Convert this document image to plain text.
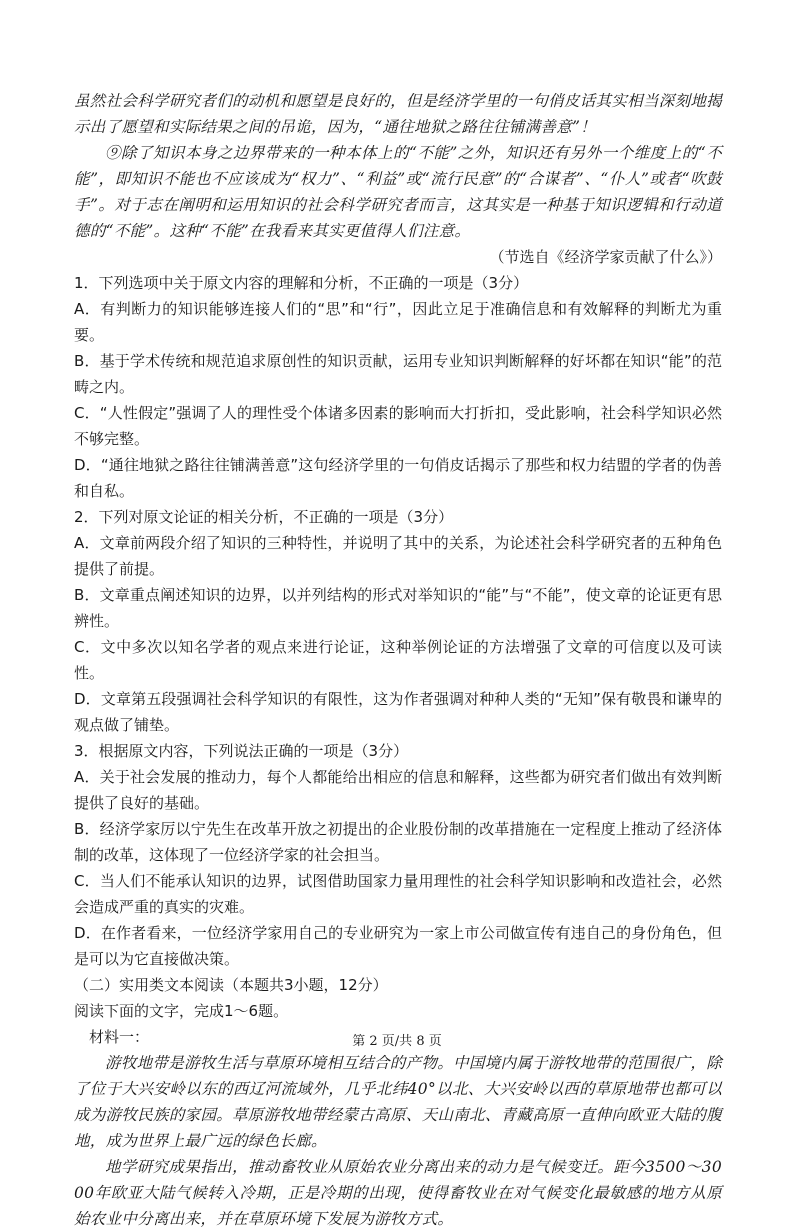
虽然社会科学研究者们的动机和愿望是良好的，但是经济学里的一句俏皮话其实相当深刻地揭示出了愿望和实际结果之间的吊诡，因为，“通往地狱之路往往铺满善意”！

⑨除了知识本身之边界带来的一种本体上的“不能”之外，知识还有另外一个维度上的“不能”，即知识不能也不应该成为“权力”、“利益”或“流行民意”的“合谋者”、“仆人”或者“吹鼓手”。对于志在阐明和运用知识的社会科学研究者而言，这其实是一种基于知识逻辑和行动道德的“不能”。这种“不能”在我看来其实更值得人们注意。

（节选自《经济学家贡献了什么》）

1．下列选项中关于原文内容的理解和分析，不正确的一项是（3分）

A．有判断力的知识能够连接人们的“思”和“行”，因此立足于准确信息和有效解释的判断尤为重要。

B．基于学术传统和规范追求原创性的知识贡献，运用专业知识判断解释的好坏都在知识“能”的范畴之内。

C．“人性假定”强调了人的理性受个体诸多因素的影响而大打折扣，受此影响，社会科学知识必然不够完整。

D．“通往地狱之路往往铺满善意”这句经济学里的一句俏皮话揭示了那些和权力结盟的学者的伪善和自私。

2．下列对原文论证的相关分析，不正确的一项是（3分）

A．文章前两段介绍了知识的三种特性，并说明了其中的关系，为论述社会科学研究者的五种角色提供了前提。

B．文章重点阐述知识的边界，以并列结构的形式对举知识的“能”与“不能”，使文章的论证更有思辨性。

C．文中多次以知名学者的观点来进行论证，这种举例论证的方法增强了文章的可信度以及可读性。

D．文章第五段强调社会科学知识的有限性，这为作者强调对种种人类的“无知”保有敬畏和谦卑的观点做了铺垫。

3．根据原文内容，下列说法正确的一项是（3分）

A．关于社会发展的推动力，每个人都能给出相应的信息和解释，这些都为研究者们做出有效判断提供了良好的基础。

B．经济学家厉以宁先生在改革开放之初提出的企业股份制的改革措施在一定程度上推动了经济体制的改革，这体现了一位经济学家的社会担当。

C．当人们不能承认知识的边界，试图借助国家力量用理性的社会科学知识影响和改造社会，必然会造成严重的真实的灾难。

D．在作者看来，一位经济学家用自己的专业研究为一家上市公司做宣传有违自己的身份角色，但是可以为它直接做决策。

（二）实用类文本阅读（本题共3小题，12分）

阅读下面的文字，完成1～6题。

材料一：

游牧地带是游牧生活与草原环境相互结合的产物。中国境内属于游牧地带的范围很广，除了位于大兴安岭以东的西辽河流域外，几乎北纬40°以北、大兴安岭以西的草原地带也都可以成为游牧民族的家园。草原游牧地带经蒙古高原、天山南北、青藏高原一直伸向欧亚大陆的腹地，成为世界上最广远的绿色长廊。

地学研究成果指出，推动畜牧业从原始农业分离出来的动力是气候变迁。距今3500～3000年欧亚大陆气候转入冷期，正是冷期的出现，使得畜牧业在对气候变化最敏感的地方从原始农业中分离出来，并在草原环境下发展为游牧方式。

第 2 页/共 8 页
